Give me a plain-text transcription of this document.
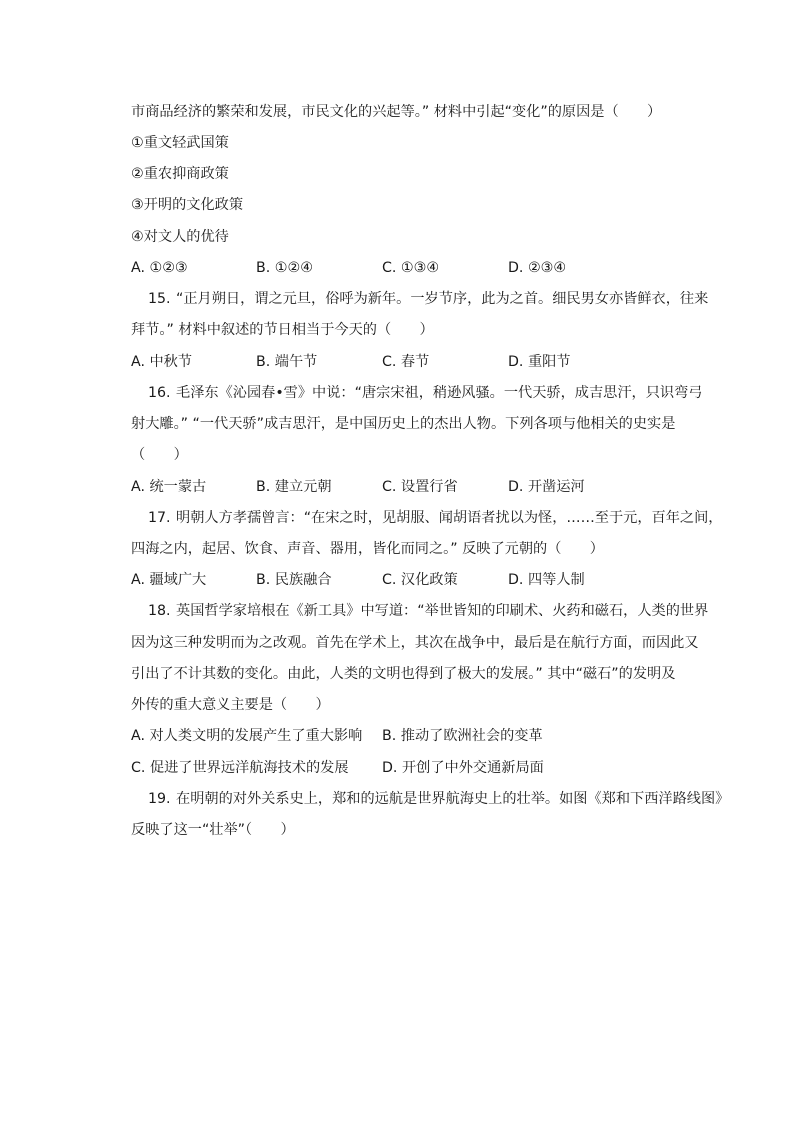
市商品经济的繁荣和发展，市民文化的兴起等。” 材料中引起“变化”的原因是（　　）
①重文轻武国策
②重农抑商政策
③开明的文化政策
④对文人的优待
A. ①②③	B. ①②④	C. ①③④	D. ②③④
15. “正月朔日，谓之元旦，俗呼为新年。一岁节序，此为之首。细民男女亦皆鲜衣，往来
拜节。” 材料中叙述的节日相当于今天的（　　）
A. 中秋节	B. 端午节	C. 春节	D. 重阳节
16. 毛泽东《沁园春•雪》中说：“唐宗宋祖，稍逊风骚。一代天骄，成吉思汗，只识弯弓
射大雕。” “一代天骄”成吉思汗，是中国历史上的杰出人物。下列各项与他相关的史实是
（　　）
A. 统一蒙古	B. 建立元朝	C. 设置行省	D. 开凿运河
17. 明朝人方孝孺曾言：“在宋之时，见胡服、闻胡语者扰以为怪，……至于元，百年之间，
四海之内，起居、饮食、声音、器用，皆化而同之。” 反映了元朝的（　　）
A. 疆域广大	B. 民族融合	C. 汉化政策	D. 四等人制
18. 英国哲学家培根在《新工具》中写道：“举世皆知的印刷术、火药和磁石，人类的世界
因为这三种发明而为之改观。首先在学术上，其次在战争中，最后是在航行方面，而因此又
引出了不计其数的变化。由此，人类的文明也得到了极大的发展。” 其中“磁石”的发明及
外传的重大意义主要是（　　）
A. 对人类文明的发展产生了重大影响 B. 推动了欧洲社会的变革
C. 促进了世界远洋航海技术的发展 D. 开创了中外交通新局面
19. 在明朝的对外关系史上，郑和的远航是世界航海史上的壮举。如图《郑和下西洋路线图》
反映了这一“壮举”（　　）
